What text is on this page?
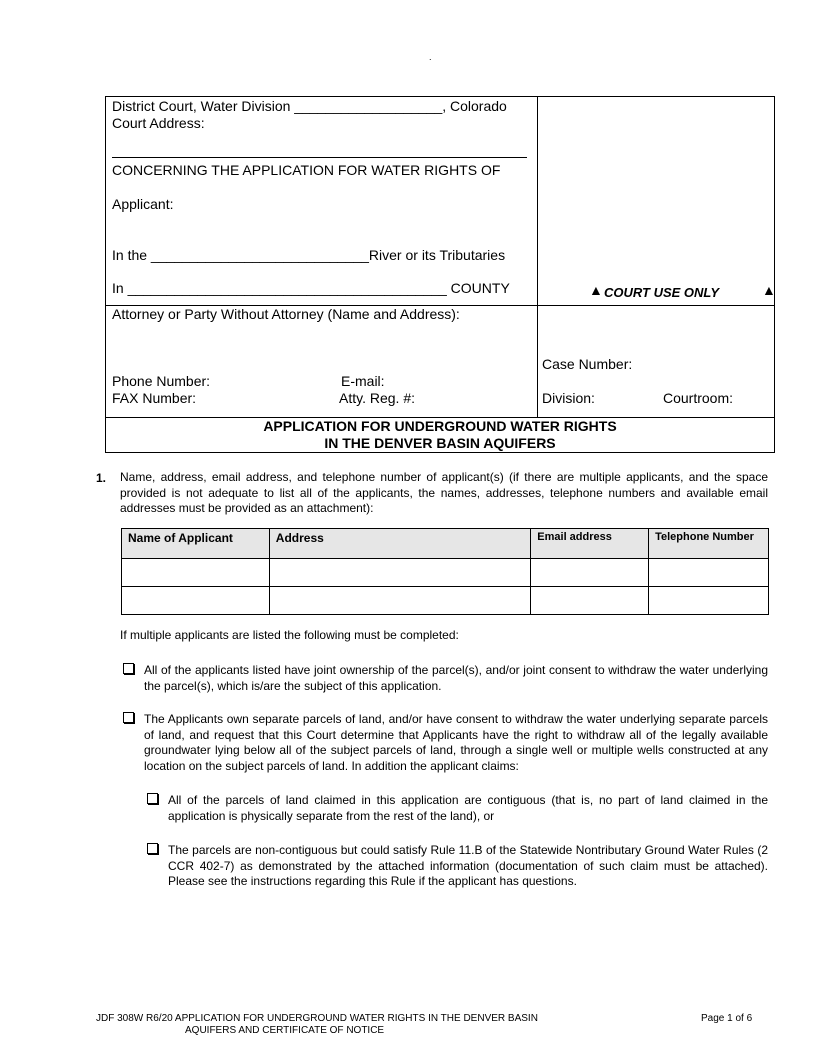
.
District Court, Water Division ___________________, Colorado
Court Address:
CONCERNING THE APPLICATION FOR WATER RIGHTS OF
Applicant:
In the ____________________________River or its Tributaries
In _________________________________________ COUNTY	▲ COURT USE ONLY	▲
Attorney or Party Without Attorney (Name and Address):
Phone Number:	E-mail:
FAX Number:	Atty. Reg. #:
Case Number:
Division:	Courtroom:
APPLICATION FOR UNDERGROUND WATER RIGHTS
IN THE DENVER BASIN AQUIFERS
1. Name, address, email address, and telephone number of applicant(s) (if there are multiple applicants, and the space provided is not adequate to list all of the applicants, the names, addresses, telephone numbers and available email addresses must be provided as an attachment):
Name of Applicant	Address	Email address	Telephone Number

If multiple applicants are listed the following must be completed:
All of the applicants listed have joint ownership of the parcel(s), and/or joint consent to withdraw the water underlying the parcel(s), which is/are the subject of this application.
The Applicants own separate parcels of land, and/or have consent to withdraw the water underlying separate parcels of land, and request that this Court determine that Applicants have the right to withdraw all of the legally available groundwater lying below all of the subject parcels of land, through a single well or multiple wells constructed at any location on the subject parcels of land. In addition the applicant claims:
All of the parcels of land claimed in this application are contiguous (that is, no part of land claimed in the application is physically separate from the rest of the land), or
The parcels are non-contiguous but could satisfy Rule 11.B of the Statewide Nontributary Ground Water Rules (2 CCR 402-7) as demonstrated by the attached information (documentation of such claim must be attached). Please see the instructions regarding this Rule if the applicant has questions.
JDF 308W R6/20 APPLICATION FOR UNDERGROUND WATER RIGHTS IN THE DENVER BASIN
AQUIFERS AND CERTIFICATE OF NOTICE
Page 1 of 6
